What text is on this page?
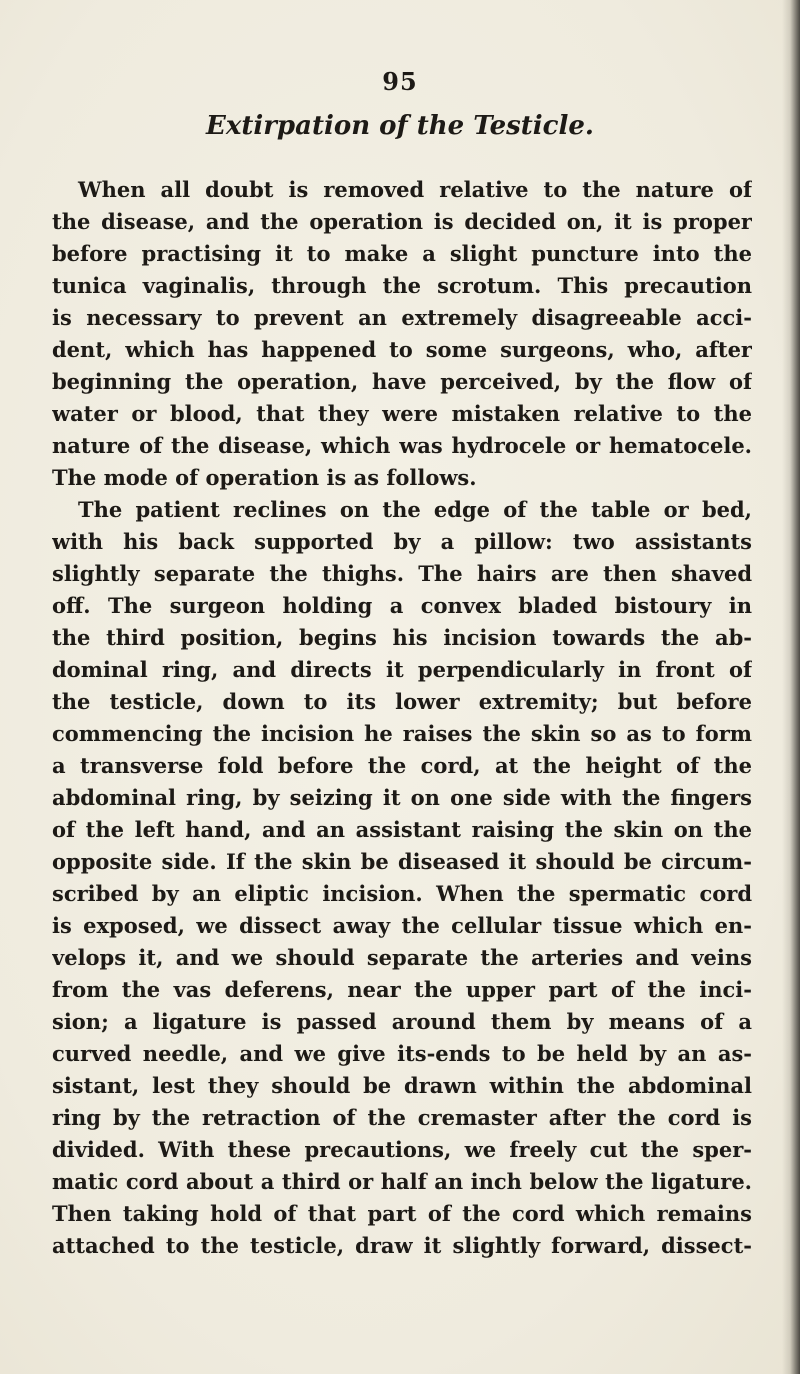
95
Extirpation of the Testicle.
When all doubt is removed relative to the nature of
the disease, and the operation is decided on, it is proper
before practising it to make a slight puncture into the
tunica vaginalis, through the scrotum. This precaution
is necessary to prevent an extremely disagreeable acci-
dent, which has happened to some surgeons, who, after
beginning the operation, have perceived, by the flow of
water or blood, that they were mistaken relative to the
nature of the disease, which was hydrocele or hematocele.
The mode of operation is as follows.
The patient reclines on the edge of the table or bed,
with his back supported by a pillow: two assistants
slightly separate the thighs. The hairs are then shaved
off. The surgeon holding a convex bladed bistoury in
the third position, begins his incision towards the ab-
dominal ring, and directs it perpendicularly in front of
the testicle, down to its lower extremity; but before
commencing the incision he raises the skin so as to form
a transverse fold before the cord, at the height of the
abdominal ring, by seizing it on one side with the fingers
of the left hand, and an assistant raising the skin on the
opposite side. If the skin be diseased it should be circum-
scribed by an eliptic incision. When the spermatic cord
is exposed, we dissect away the cellular tissue which en-
velops it, and we should separate the arteries and veins
from the vas deferens, near the upper part of the inci-
sion; a ligature is passed around them by means of a
curved needle, and we give its-ends to be held by an as-
sistant, lest they should be drawn within the abdominal
ring by the retraction of the cremaster after the cord is
divided. With these precautions, we freely cut the sper-
matic cord about a third or half an inch below the ligature.
Then taking hold of that part of the cord which remains
attached to the testicle, draw it slightly forward, dissect-
